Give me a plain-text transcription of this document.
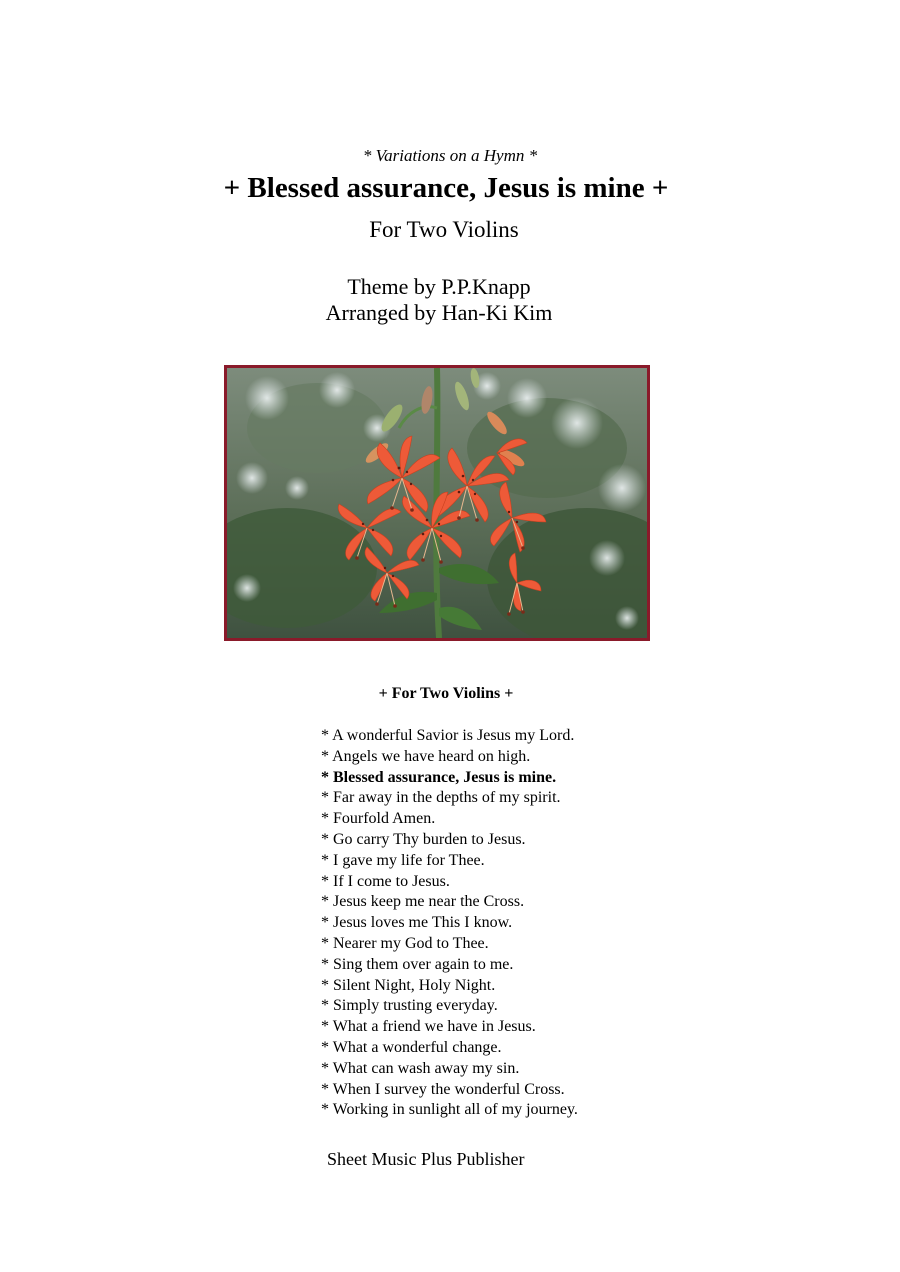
* Variations on a Hymn *
+ Blessed assurance, Jesus is mine +
For Two Violins
Theme by P.P.Knapp
Arranged by Han-Ki Kim
+ For Two Violins +
* A wonderful Savior is Jesus my Lord.
* Angels we have heard on high.
* Blessed assurance, Jesus is mine.
* Far away in the depths of my spirit.
* Fourfold Amen.
* Go carry Thy burden to Jesus.
* I gave my life for Thee.
* If I come to Jesus.
* Jesus keep me near the Cross.
* Jesus loves me This I know.
* Nearer my God to Thee.
* Sing them over again to me.
* Silent Night, Holy Night.
* Simply trusting everyday.
* What a friend we have in Jesus.
* What a wonderful change.
* What can wash away my sin.
* When I survey the wonderful Cross.
* Working in sunlight all of my journey.
Sheet Music Plus Publisher
